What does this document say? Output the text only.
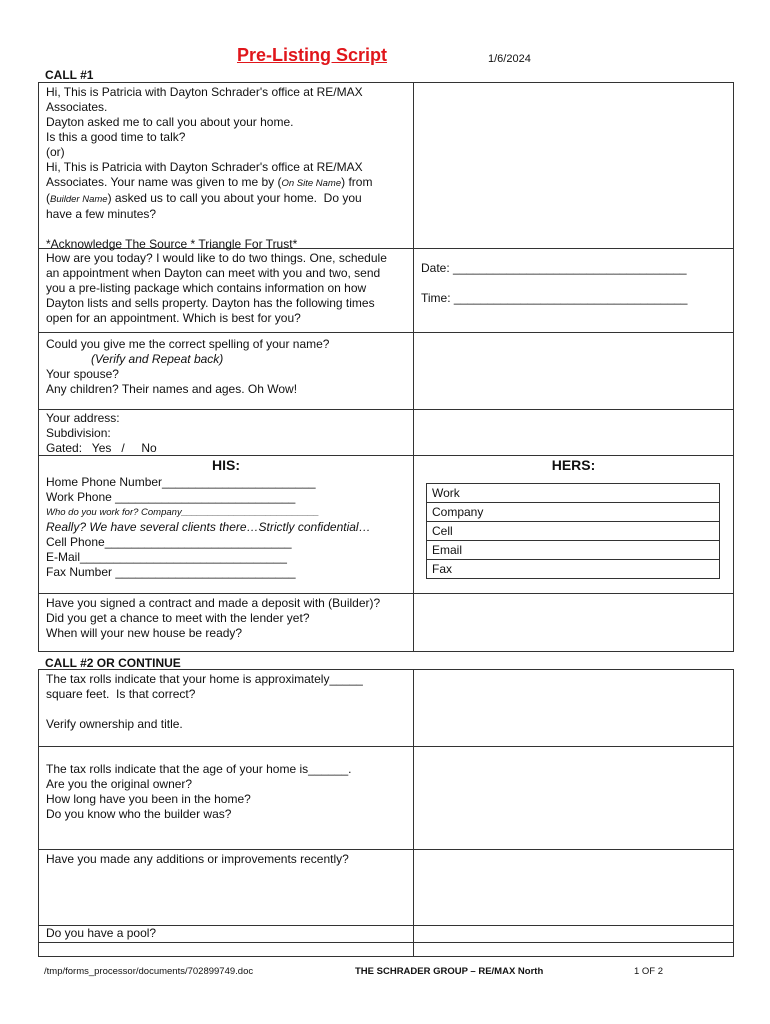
Pre-Listing Script	1/6/2024
CALL #1
Hi, This is Patricia with Dayton Schrader's office at RE/MAX
Associates.
Dayton asked me to call you about your home.
Is this a good time to talk?
(or)
Hi, This is Patricia with Dayton Schrader's office at RE/MAX
Associates. Your name was given to me by (On Site Name) from
(Builder Name) asked us to call you about your home.  Do you
have a few minutes?
*Acknowledge The Source * Triangle For Trust*
How are you today? I would like to do two things. One, schedule
an appointment when Dayton can meet with you and two, send
you a pre-listing package which contains information on how
Dayton lists and sells property. Dayton has the following times
open for an appointment. Which is best for you?
Date: ___________________________________
Time: ___________________________________
Could you give me the correct spelling of your name?
(Verify and Repeat back)
Your spouse?
Any children? Their names and ages. Oh Wow!
Your address:
Subdivision:
Gated:   Yes   /     No
HIS:
Home Phone Number_______________________
Work Phone ___________________________
Who do you work for? Company__________________________
Really? We have several clients there…Strictly confidential…
Cell Phone____________________________
E-Mail_______________________________
Fax Number ___________________________
HERS:
Work
Company
Cell
Email
Fax
Have you signed a contract and made a deposit with (Builder)?
Did you get a chance to meet with the lender yet?
When will your new house be ready?
CALL #2 OR CONTINUE
The tax rolls indicate that your home is approximately_____
square feet.  Is that correct?
Verify ownership and title.
The tax rolls indicate that the age of your home is______.
Are you the original owner?
How long have you been in the home?
Do you know who the builder was?
Have you made any additions or improvements recently?
Do you have a pool?
/tmp/forms_processor/documents/702899749.doc	THE SCHRADER GROUP – RE/MAX North	1 OF 2
